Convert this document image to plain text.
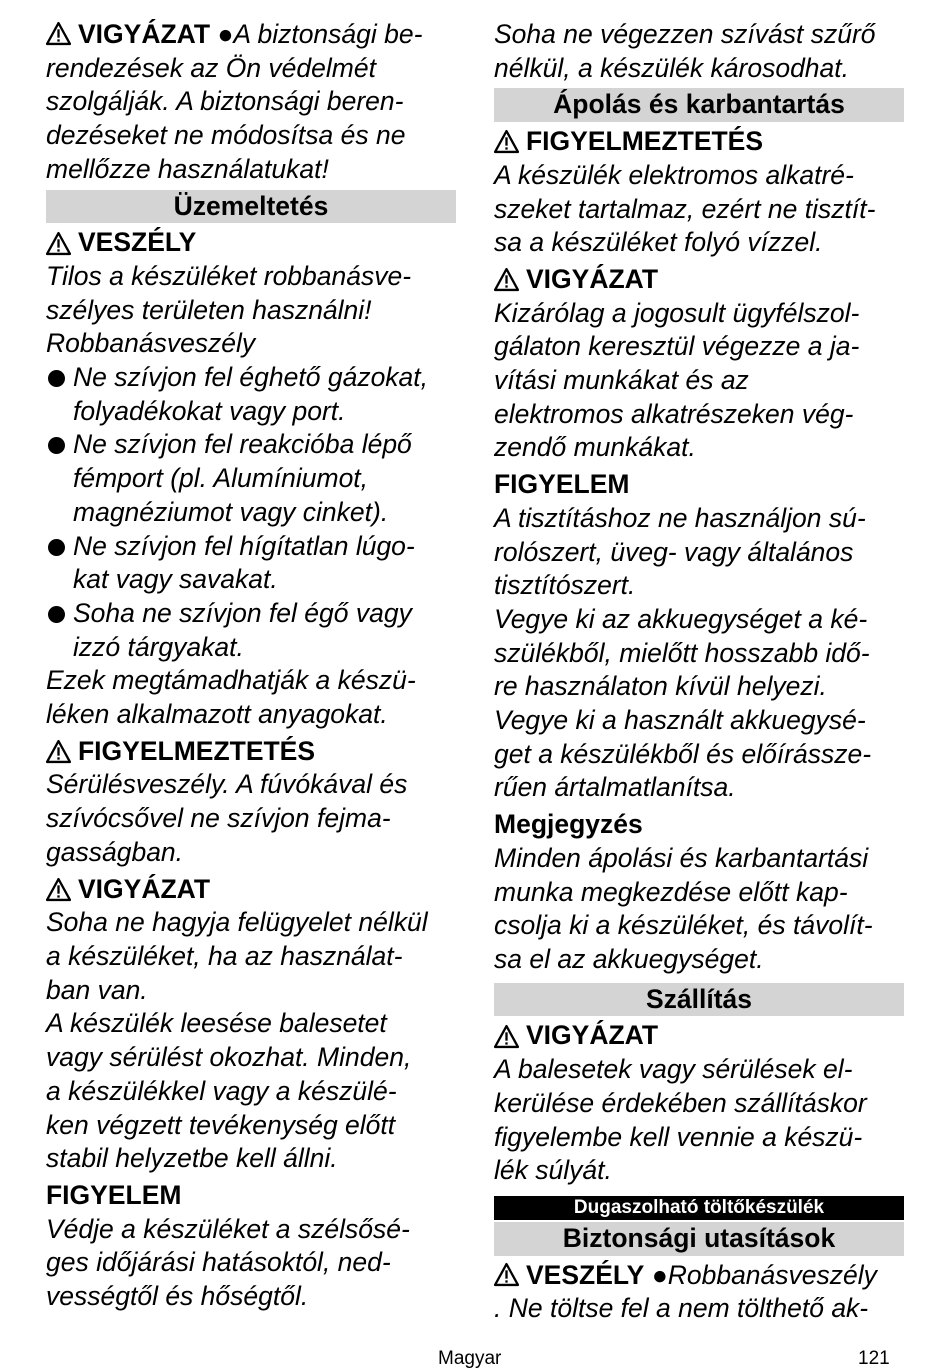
VIGYÁZAT ●A biztonsági be-
rendezések az Ön védelmét
szolgálják. A biztonsági beren-
dezéseket ne módosítsa és ne
mellőzze használatukat!

Üzemeltetés
VESZÉLY

Tilos a készüléket robbanásve-
szélyes területen használni!
Robbanásveszély

Ne szívjon fel éghető gázokat,
folyadékokat vagy port.
Ne szívjon fel reakcióba lépő
fémport (pl. Alumíniumot,
magnéziumot vagy cinket).
Ne szívjon fel hígítatlan lúgo-
kat vagy savakat.
Soha ne szívjon fel égő vagy
izzó tárgyakat.

Ezek megtámadhatják a készü-
léken alkalmazott anyagokat.

FIGYELMEZTETÉS

Sérülésveszély. A fúvókával és
szívócsővel ne szívjon fejma-
gasságban.

VIGYÁZAT

Soha ne hagyja felügyelet nélkül
a készüléket, ha az használat-
ban van.

A készülék leesése balesetet
vagy sérülést okozhat. Minden,
a készülékkel vagy a készülé-
ken végzett tevékenység előtt
stabil helyzetbe kell állni.

FIGYELEM

Védje a készüléket a szélsősé-
ges időjárási hatásoktól, ned-
vességtől és hőségtől.

Soha ne végezzen szívást szűrő
nélkül, a készülék károsodhat.

Ápolás és karbantartás
FIGYELMEZTETÉS

A készülék elektromos alkatré-
szeket tartalmaz, ezért ne tisztít-
sa a készüléket folyó vízzel.

VIGYÁZAT

Kizárólag a jogosult ügyfélszol-
gálaton keresztül végezze a ja-
vítási munkákat és az
elektromos alkatrészeken vég-
zendő munkákat.

FIGYELEM

A tisztításhoz ne használjon sú-
rolószert, üveg- vagy általános
tisztítószert.

Vegye ki az akkuegységet a ké-
szülékből, mielőtt hosszabb idő-
re használaton kívül helyezi.

Vegye ki a használt akkuegysé-
get a készülékből és előírássze-
rűen ártalmatlanítsa.

Megjegyzés

Minden ápolási és karbantartási
munka megkezdése előtt kap-
csolja ki a készüléket, és távolít-
sa el az akkuegységet.

Szállítás
VIGYÁZAT

A balesetek vagy sérülések el-
kerülése érdekében szállításkor
figyelembe kell vennie a készü-
lék súlyát.

Dugaszolható töltőkészülék
Biztonsági utasítások

VESZÉLY ●Robbanásveszély
. Ne töltse fel a nem tölthető ak-

Magyar	121
